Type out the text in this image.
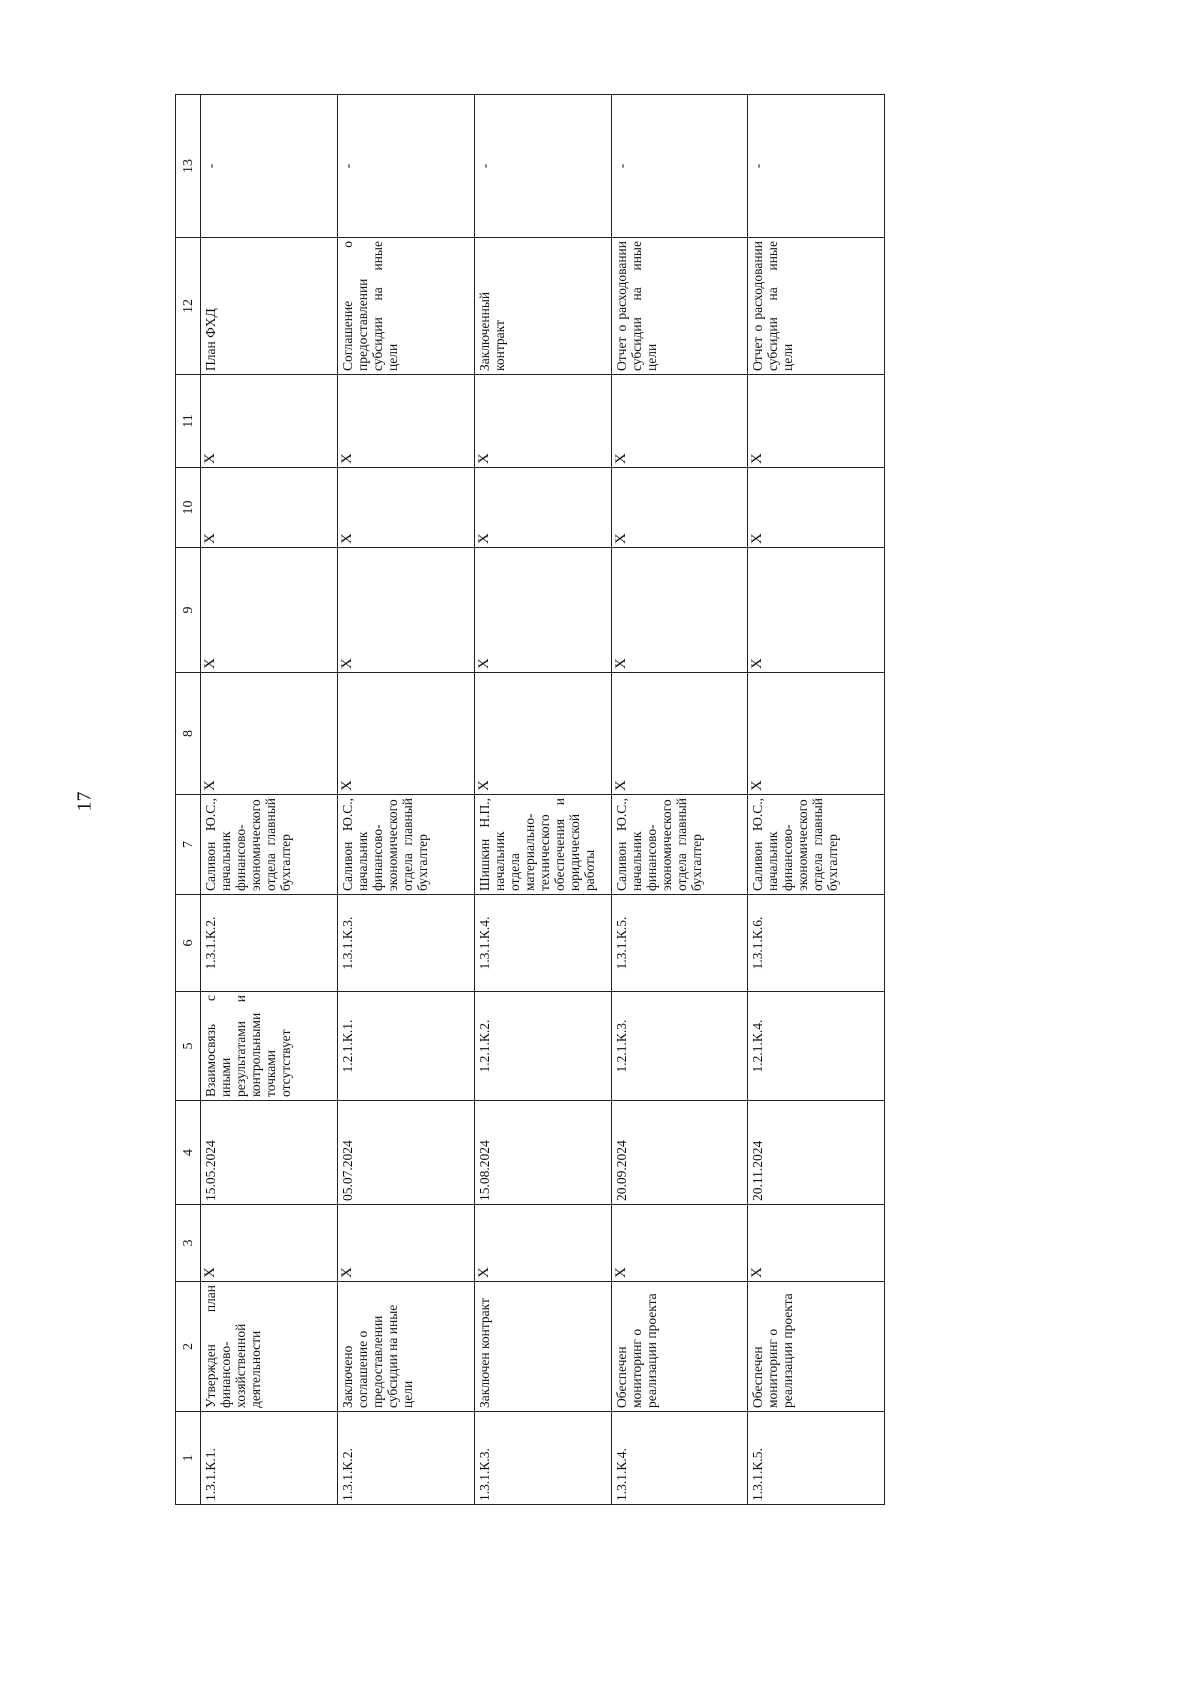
17
1	2	3	4	5	6	7	8	9	10	11	12	13
1.3.1.К.1.	Утвержден план финансово-хозяйственной деятельности	X	15.05.2024	Взаимосвязь с иными результатами и контрольными точками отсутствует	1.3.1.К.2.	Саливон Ю.С., начальник финансово-экономического отдела главный бухгалтер	X	X	X	X	План ФХД	-
1.3.1.К.2.	Заключено соглашение о предоставлении субсидии на иные цели	X	05.07.2024	1.2.1.К.1.	1.3.1.К.3.	Саливон Ю.С., начальник финансово-экономического отдела главный бухгалтер	X	X	X	X	Соглашение о предоставлении субсидии на иные цели	-
1.3.1.К.3.	Заключен контракт	X	15.08.2024	1.2.1.К.2.	1.3.1.К.4.	Шишкин Н.П., начальник отдела материально-технического обеспечения и юридической работы	X	X	X	X	Заключенный контракт	-
1.3.1.К.4.	Обеспечен мониторинг о реализации проекта	X	20.09.2024	1.2.1.К.3.	1.3.1.К.5.	Саливон Ю.С., начальник финансово-экономического отдела главный бухгалтер	X	X	X	X	Отчет о расходовании субсидии на иные цели	-
1.3.1.К.5.	Обеспечен мониторинг о реализации проекта	X	20.11.2024	1.2.1.К.4.	1.3.1.К.6.	Саливон Ю.С., начальник финансово-экономического отдела главный бухгалтер	X	X	X	X	Отчет о расходовании субсидии на иные цели	-
